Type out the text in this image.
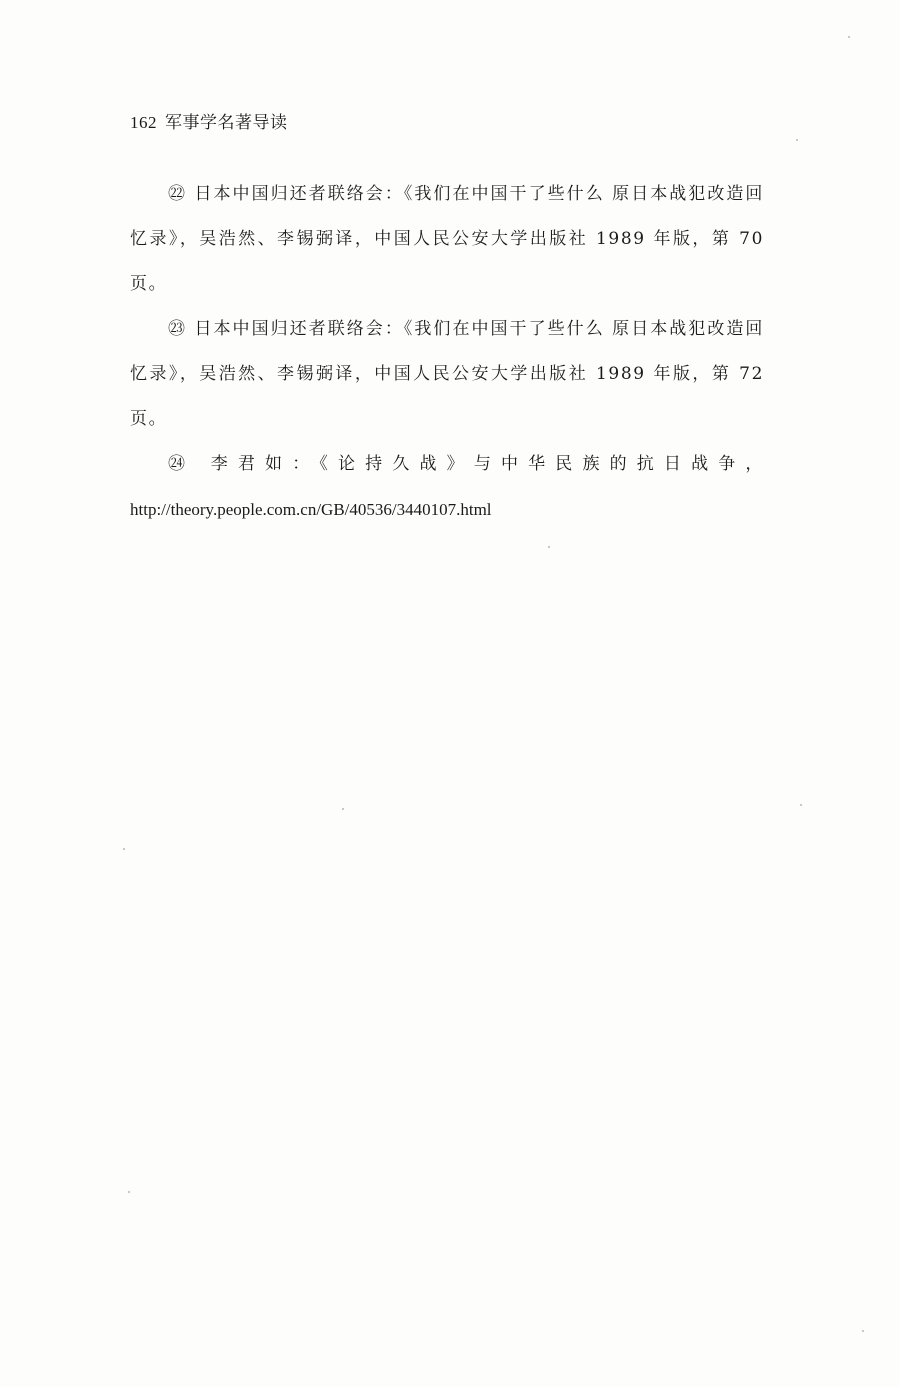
162 军事学名著导读

㉒ 日本中国归还者联络会：《我们在中国干了些什么 原日本战犯改造回忆录》，吴浩然、李锡弼译，中国人民公安大学出版社 1989 年版，第 70 页。

㉓ 日本中国归还者联络会：《我们在中国干了些什么 原日本战犯改造回忆录》，吴浩然、李锡弼译，中国人民公安大学出版社 1989 年版，第 72 页。

㉔ 李君如：《论持久战》与中华民族的抗日战争，http://theory.people.com.cn/GB/40536/3440107.html
